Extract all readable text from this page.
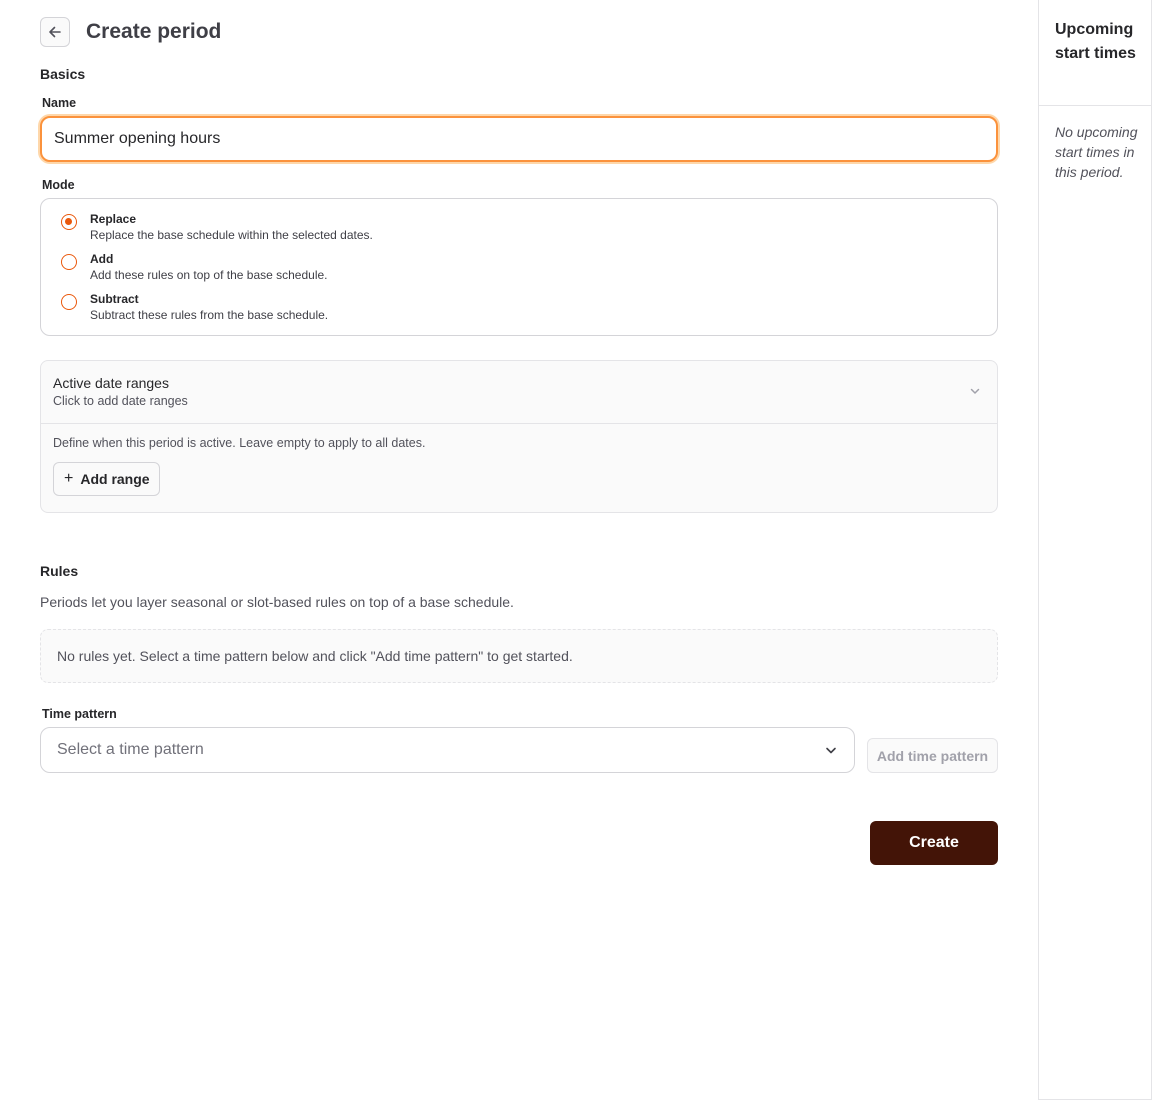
Create period
Basics
Name
Summer opening hours
Mode
Replace
Replace the base schedule within the selected dates.
Add
Add these rules on top of the base schedule.
Subtract
Subtract these rules from the base schedule.
Active date ranges
Click to add date ranges
Define when this period is active. Leave empty to apply to all dates.
+ Add range
Rules
Periods let you layer seasonal or slot-based rules on top of a base schedule.
No rules yet. Select a time pattern below and click "Add time pattern" to get started.
Time pattern
Select a time pattern	Add time pattern
Create
Upcoming start times
No upcoming start times in this period.
